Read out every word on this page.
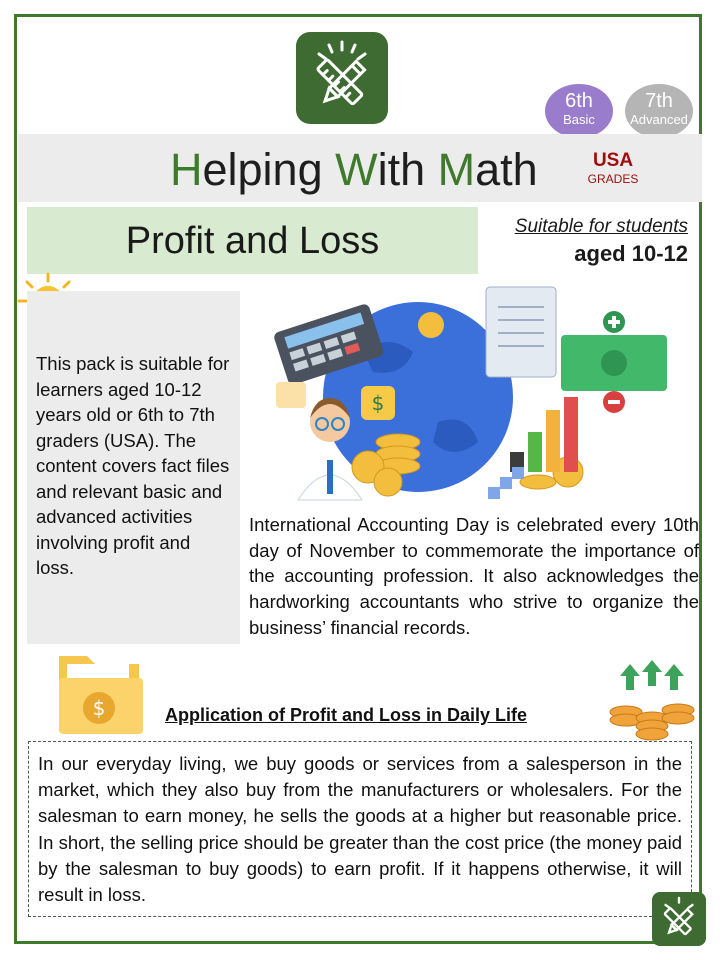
6th
Basic
7th
Advanced
Helping With Math	USA
GRADES
Profit and Loss	Suitable for students
aged 10-12

This pack is suitable for learners aged 10-12 years old or 6th to 7th graders (USA). The content covers fact files and relevant basic and advanced activities involving profit and loss.

$

International Accounting Day is celebrated every 10th day of November to commemorate the importance of the accounting profession. It also acknowledges the hardworking accountants who strive to organize the business’ financial records.

$	Application of Profit and Loss in Daily Life

In our everyday living, we buy goods or services from a salesperson in the market, which they also buy from the manufacturers or wholesalers. For the salesman to earn money, he sells the goods at a higher but reasonable price. In short, the selling price should be greater than the cost price (the money paid by the salesman to buy goods) to earn profit. If it happens otherwise, it will result in loss.
